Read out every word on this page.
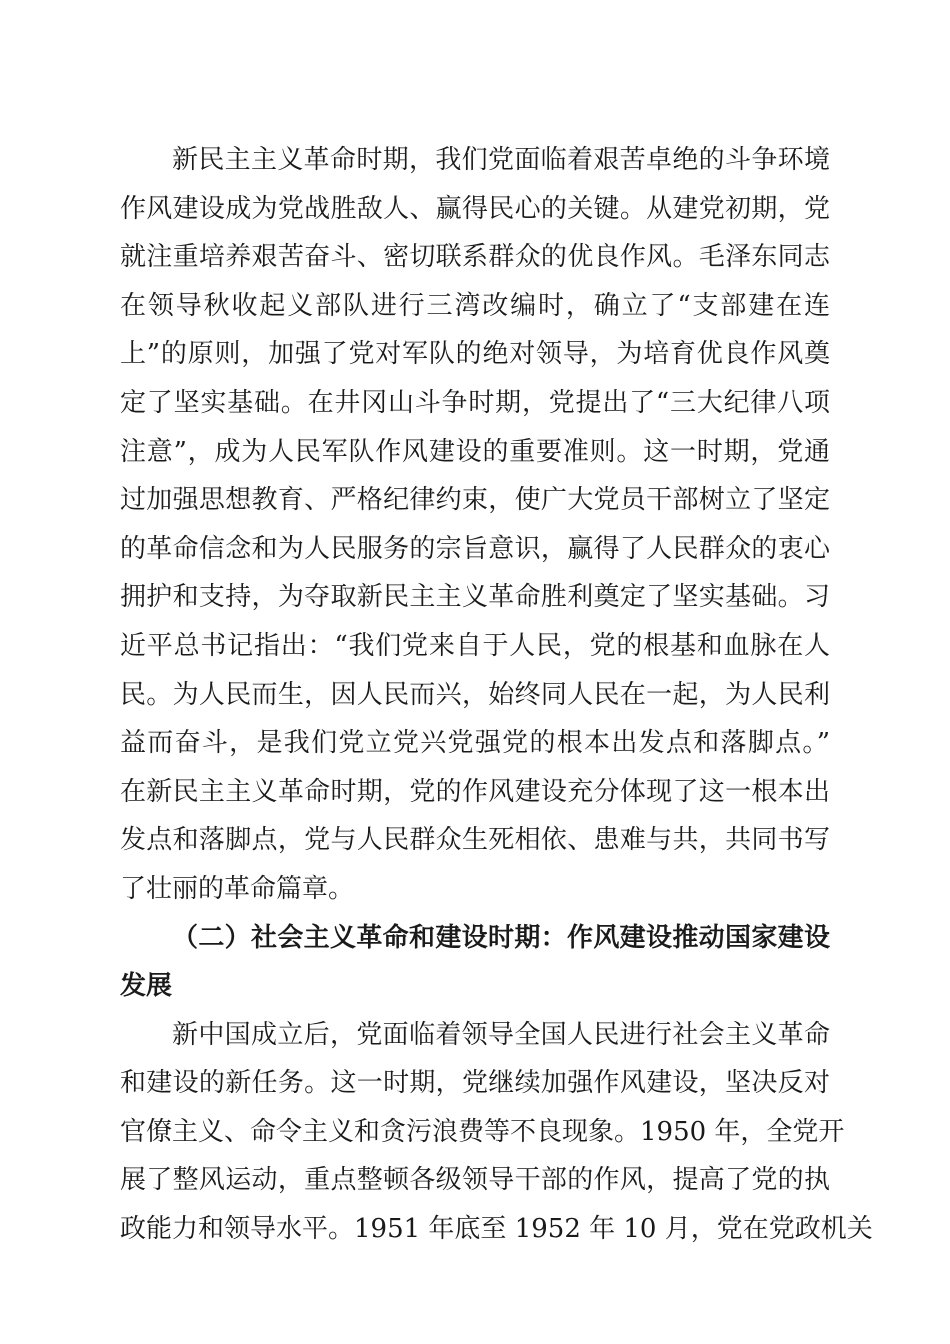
新民主主义革命时期，我们党面临着艰苦卓绝的斗争环境
作风建设成为党战胜敌人、赢得民心的关键。从建党初期，党
就注重培养艰苦奋斗、密切联系群众的优良作风。毛泽东同志
在领导秋收起义部队进行三湾改编时，确立了“支部建在连
上”的原则，加强了党对军队的绝对领导，为培育优良作风奠
定了坚实基础。在井冈山斗争时期，党提出了“三大纪律八项
注意”，成为人民军队作风建设的重要准则。这一时期，党通
过加强思想教育、严格纪律约束，使广大党员干部树立了坚定
的革命信念和为人民服务的宗旨意识，赢得了人民群众的衷心
拥护和支持，为夺取新民主主义革命胜利奠定了坚实基础。习
近平总书记指出：“我们党来自于人民，党的根基和血脉在人
民。为人民而生，因人民而兴，始终同人民在一起，为人民利
益而奋斗，是我们党立党兴党强党的根本出发点和落脚点。”
在新民主主义革命时期，党的作风建设充分体现了这一根本出
发点和落脚点，党与人民群众生死相依、患难与共，共同书写
了壮丽的革命篇章。
（二）社会主义革命和建设时期：作风建设推动国家建设
发展
新中国成立后，党面临着领导全国人民进行社会主义革命
和建设的新任务。这一时期，党继续加强作风建设，坚决反对
官僚主义、命令主义和贪污浪费等不良现象。1950 年，全党开
展了整风运动，重点整顿各级领导干部的作风，提高了党的执
政能力和领导水平。1951 年底至 1952 年 10 月，党在党政机关
